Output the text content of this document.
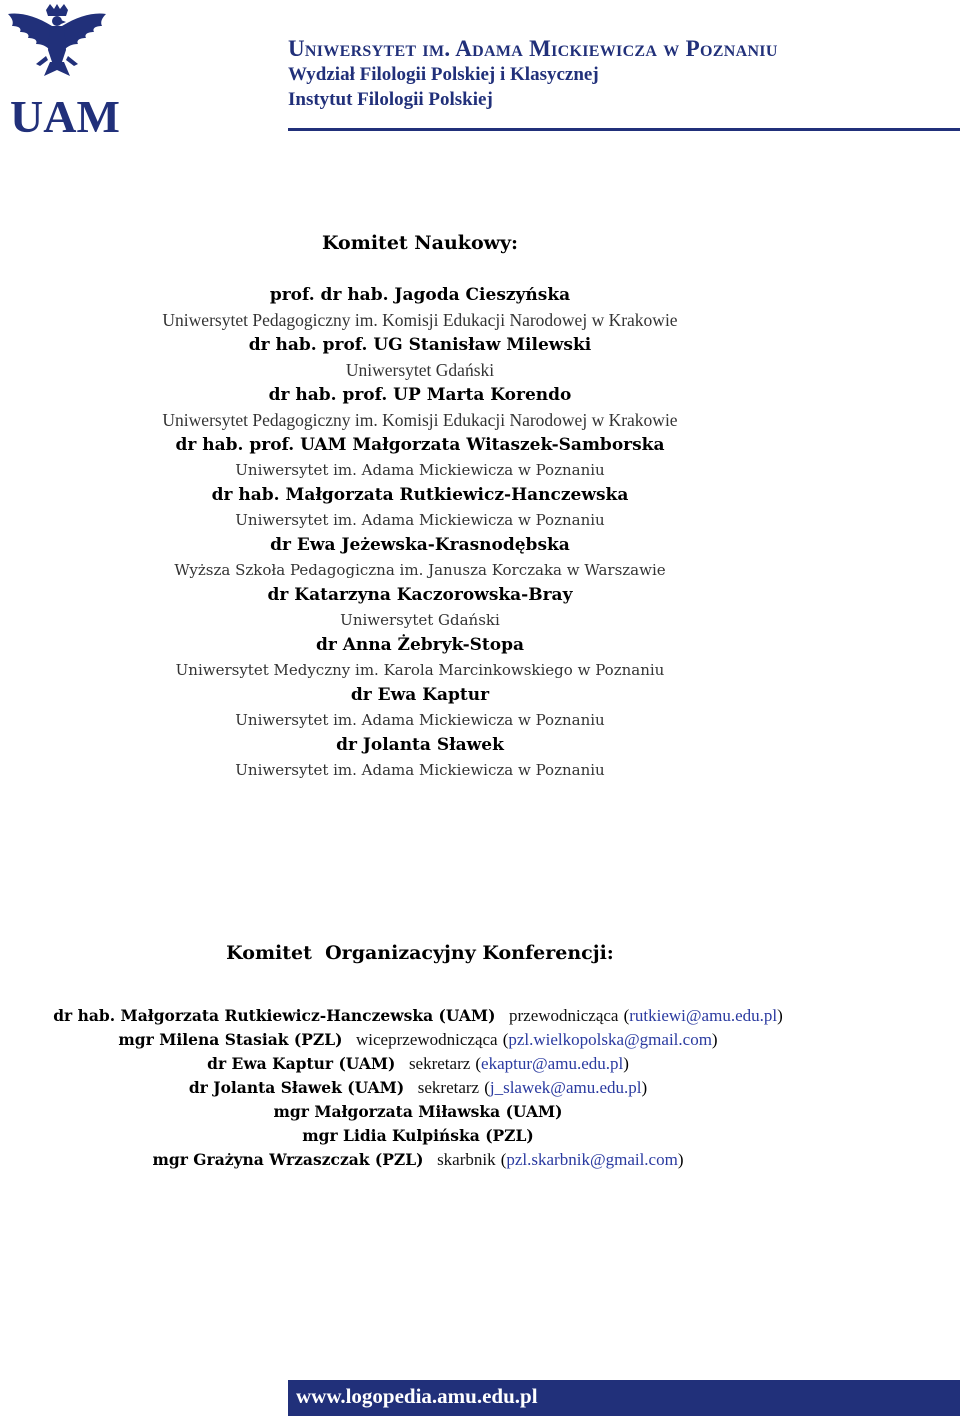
UAM
Uniwersytet im. Adama Mickiewicza w Poznaniu
Wydział Filologii Polskiej i Klasycznej
Instytut Filologii Polskiej
Komitet Naukowy:
prof. dr hab. Jagoda Cieszyńska
Uniwersytet Pedagogiczny im. Komisji Edukacji Narodowej w Krakowie
dr hab. prof. UG Stanisław Milewski
Uniwersytet Gdański
dr hab. prof. UP Marta Korendo
Uniwersytet Pedagogiczny im. Komisji Edukacji Narodowej w Krakowie
dr hab. prof. UAM Małgorzata Witaszek-Samborska
Uniwersytet im. Adama Mickiewicza w Poznaniu
dr hab. Małgorzata Rutkiewicz-Hanczewska
Uniwersytet im. Adama Mickiewicza w Poznaniu
dr Ewa Jeżewska-Krasnodębska
Wyższa Szkoła Pedagogiczna im. Janusza Korczaka w Warszawie
dr Katarzyna Kaczorowska-Bray
Uniwersytet Gdański
dr Anna Żebryk-Stopa
Uniwersytet Medyczny im. Karola Marcinkowskiego w Poznaniu
dr Ewa Kaptur
Uniwersytet im. Adama Mickiewicza w Poznaniu
dr Jolanta Sławek
Uniwersytet im. Adama Mickiewicza w Poznaniu
Komitet  Organizacyjny Konferencji:
dr hab. Małgorzata Rutkiewicz-Hanczewska (UAM) przewodnicząca (rutkiewi@amu.edu.pl)
mgr Milena Stasiak (PZL) wiceprzewodnicząca (pzl.wielkopolska@gmail.com)
dr Ewa Kaptur (UAM) sekretarz (ekaptur@amu.edu.pl)
dr Jolanta Sławek (UAM) sekretarz (j_slawek@amu.edu.pl)
mgr Małgorzata Miławska (UAM)
mgr Lidia Kulpińska (PZL)
mgr Grażyna Wrzaszczak (PZL) skarbnik (pzl.skarbnik@gmail.com)
www.logopedia.amu.edu.pl
